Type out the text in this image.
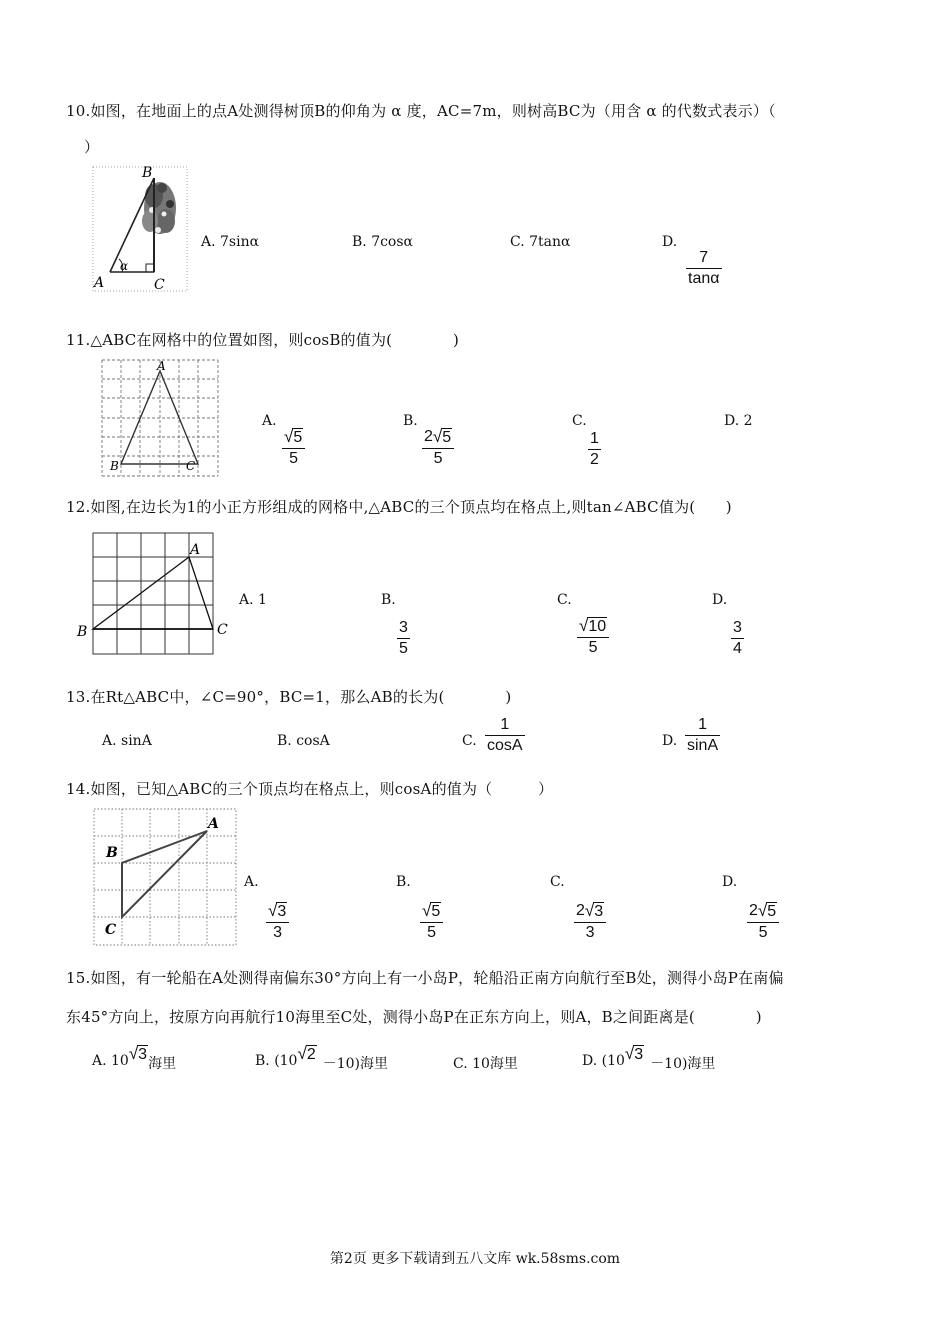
10.如图，在地面上的点A处测得树顶B的仰角为 α 度，AC=7m，则树高BC为（用含 α 的代数式表示）（
）
B
A	C
α
A. 7sinα	B. 7cosα	C. 7tanα	D.
7
tanα
11.△ABC在网格中的位置如图，则cosB的值为(　　　　)
A
B	C
A.
√ 5
5
B.
2 √ 5
5
C.
1
2
D. 2
12.如图,在边长为1的小正方形组成的网格中,△ABC的三个顶点均在格点上,则tan∠ABC值为(　　)
A
B	C
A. 1	B.
3
5
C.
√ 10
5
D.
3
4
13.在Rt△ABC中，∠C=90°，BC=1，那么AB的长为(　　　　)
A. sinA	B. cosA	C.
1
cosA	D.
1
sinA
14.如图，已知△ABC的三个顶点均在格点上，则cosA的值为（　　　）
A
B
C
A.
√ 3
3
B.
√ 5
5
C.
2 √ 3
3
D.
2 √ 5
5
15.如图，有一轮船在A处测得南偏东30°方向上有一小岛P，轮船沿正南方向航行至B处，测得小岛P在南偏
东45°方向上，按原方向再航行10海里至C处，测得小岛P在正东方向上，则A，B之间距离是(　　　　)
A. 10 √ 3
海里	B. (10 √ 2
－10)海里	C. 10海里	D. (10 √ 3
－10)海里
第2页 更多下载请到五八文库 wk.58sms.com
